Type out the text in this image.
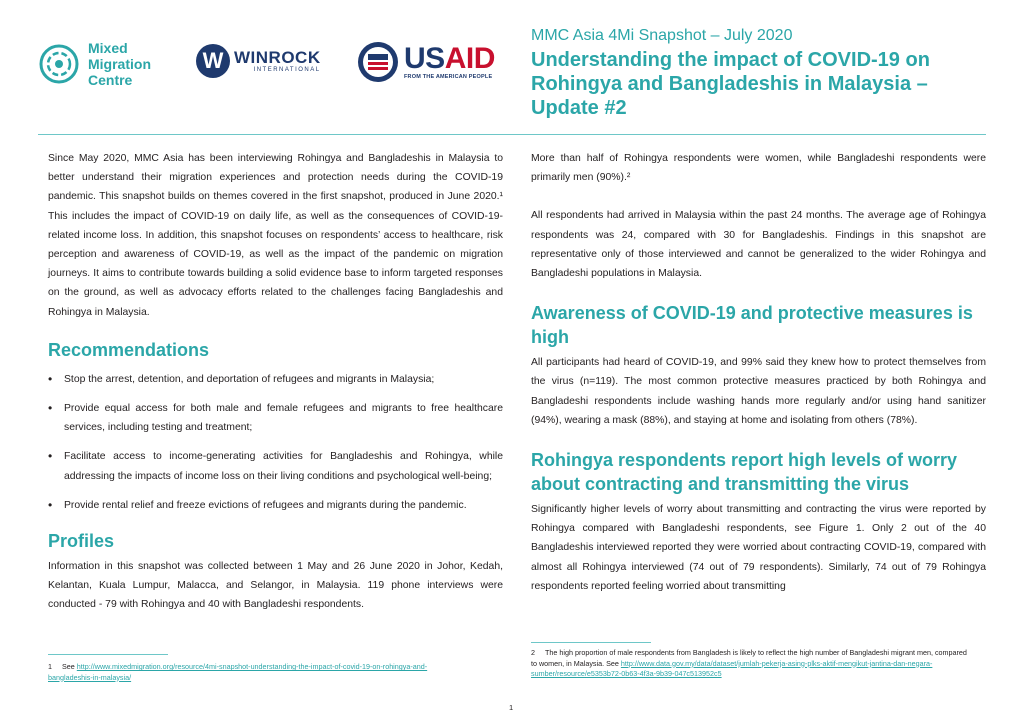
Mixed
Migration
Centre
W WINROCK
INTERNATIONAL	USAID
FROM THE AMERICAN PEOPLE
MMC Asia 4Mi Snapshot – July 2020
Understanding the impact of COVID-19 on Rohingya and Bangladeshis in Malaysia – Update #2

Since May 2020, MMC Asia has been interviewing Rohingya and Bangladeshis in Malaysia to better understand their migration experiences and protection needs during the COVID-19 pandemic. This snapshot builds on themes covered in the first snapshot, produced in June 2020.¹ This includes the impact of COVID-19 on daily life, as well as the consequences of COVID-19-related income loss. In addition, this snapshot focuses on respondents’ access to healthcare, risk perception and awareness of COVID-19, as well as the impact of the pandemic on migration journeys. It aims to contribute towards building a solid evidence base to inform targeted responses on the ground, as well as advocacy efforts related to the challenges facing Bangladeshis and Rohingya in Malaysia.

Recommendations
• Stop the arrest, detention, and deportation of refugees and migrants in Malaysia;
• Provide equal access for both male and female refugees and migrants to free healthcare services, including testing and treatment;
• Facilitate access to income-generating activities for Bangladeshis and Rohingya, while addressing the impacts of income loss on their living conditions and psychological well-being;
• Provide rental relief and freeze evictions of refugees and migrants during the pandemic.
Profiles

Information in this snapshot was collected between 1 May and 26 June 2020 in Johor, Kedah, Kelantan, Kuala Lumpur, Malacca, and Selangor, in Malaysia. 119 phone interviews were conducted - 79 with Rohingya and 40 with Bangladeshi respondents.

1 See http://www.mixedmigration.org/resource/4mi-snapshot-understanding-the-impact-of-covid-19-on-rohingya-and-bangladeshis-in-malaysia/

More than half of Rohingya respondents were women, while Bangladeshi respondents were primarily men (90%).²

All respondents had arrived in Malaysia within the past 24 months. The average age of Rohingya respondents was 24, compared with 30 for Bangladeshis. Findings in this snapshot are representative only of those interviewed and cannot be generalized to the wider Rohingya and Bangladeshi populations in Malaysia.

Awareness of COVID-19 and protective measures is high

All participants had heard of COVID-19, and 99% said they knew how to protect themselves from the virus (n=119). The most common protective measures practiced by both Rohingya and Bangladeshi respondents include washing hands more regularly and/or using hand sanitizer (94%), wearing a mask (88%), and staying at home and isolating from others (78%).

Rohingya respondents report high levels of worry about contracting and transmitting the virus

Significantly higher levels of worry about transmitting and contracting the virus were reported by Rohingya compared with Bangladeshi respondents, see Figure 1. Only 2 out of the 40 Bangladeshis interviewed reported they were worried about contracting COVID-19, compared with almost all Rohingya interviewed (74 out of 79 respondents). Similarly, 74 out of 79 Rohingya respondents reported feeling worried about transmitting

2 The high proportion of male respondents from Bangladesh is likely to reflect the high number of Bangladeshi migrant men, compared to women, in Malaysia. See http://www.data.gov.my/data/dataset/jumlah-pekerja-asing-plks-aktif-mengikut-jantina-dan-negara-sumber/resource/e5353b72-0b63-4f3a-9b39-047c513952c5
1
